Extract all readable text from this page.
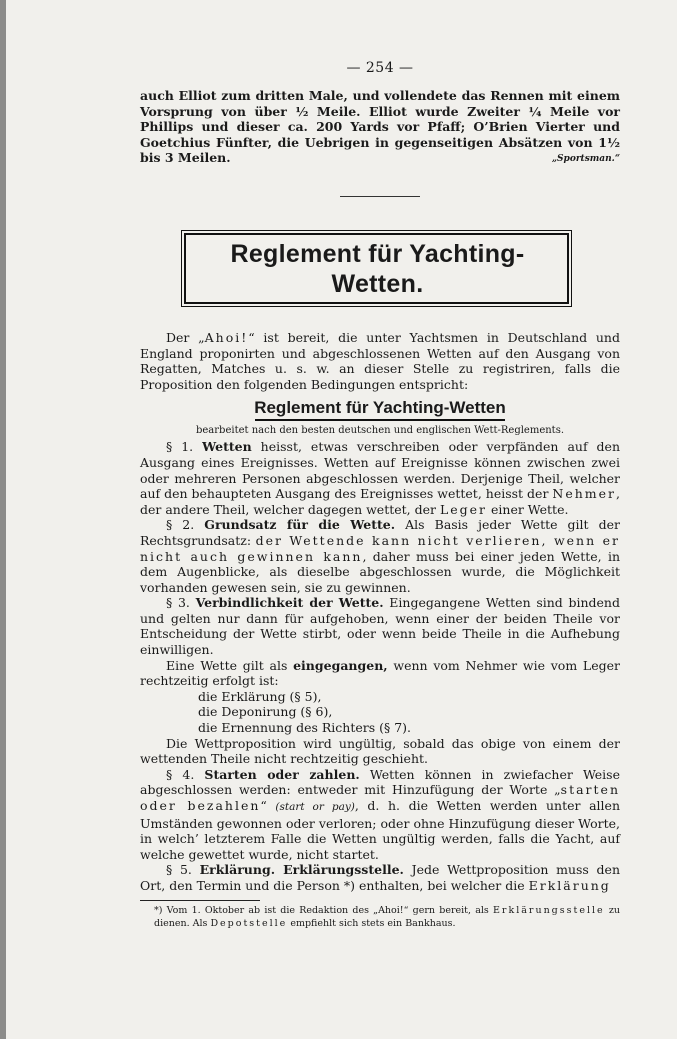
— 254 —

auch Elliot zum dritten Male, und vollendete das Rennen mit einem Vorsprung von über ½ Meile. Elliot wurde Zweiter ¼ Meile vor Phillips und dieser ca. 200 Yards vor Pfaff; O’Brien Vierter und Goetchius Fünfter, die Uebrigen in gegenseitigen Absätzen von 1½ bis 3 Meilen.	„Sportsman.“

Reglement für Yachting-Wetten.

Der „Ahoi!“ ist bereit, die unter Yachtsmen in Deutschland und England proponirten und abgeschlossenen Wetten auf den Ausgang von Regatten, Matches u. s. w. an dieser Stelle zu registriren, falls die Proposition den folgenden Bedingungen entspricht:

Reglement für Yachting-Wetten
bearbeitet nach den besten deutschen und englischen Wett-Reglements.

§ 1. Wetten heisst, etwas verschreiben oder verpfänden auf den Ausgang eines Ereignisses. Wetten auf Ereignisse können zwischen zwei oder mehreren Personen abgeschlossen werden. Derjenige Theil, welcher auf den behaupteten Ausgang des Ereignisses wettet, heisst der Nehmer, der andere Theil, welcher dagegen wettet, der Leger einer Wette.

§ 2. Grundsatz für die Wette. Als Basis jeder Wette gilt der Rechtsgrundsatz: der Wettende kann nicht verlieren, wenn er nicht auch gewinnen kann, daher muss bei einer jeden Wette, in dem Augenblicke, als dieselbe abgeschlossen wurde, die Möglichkeit vorhanden gewesen sein, sie zu gewinnen.

§ 3. Verbindlichkeit der Wette. Eingegangene Wetten sind bindend und gelten nur dann für aufgehoben, wenn einer der beiden Theile vor Entscheidung der Wette stirbt, oder wenn beide Theile in die Aufhebung einwilligen.

Eine Wette gilt als eingegangen, wenn vom Nehmer wie vom Leger rechtzeitig erfolgt ist:

die Erklärung (§ 5),
die Deponirung (§ 6),
die Ernennung des Richters (§ 7).

Die Wettproposition wird ungültig, sobald das obige von einem der wettenden Theile nicht rechtzeitig geschieht.

§ 4. Starten oder zahlen. Wetten können in zwiefacher Weise abgeschlossen werden: entweder mit Hinzufügung der Worte „starten oder bezahlen“ (start or pay), d. h. die Wetten werden unter allen Umständen gewonnen oder verloren; oder ohne Hinzufügung dieser Worte, in welch’ letzterem Falle die Wetten ungültig werden, falls die Yacht, auf welche gewettet wurde, nicht startet.

§ 5. Erklärung. Erklärungsstelle. Jede Wettproposition muss den Ort, den Termin und die Person *) enthalten, bei welcher die Erklärung

*) Vom 1. Oktober ab ist die Redaktion des „Ahoi!“ gern bereit, als Erklärungsstelle zu dienen. Als Depotstelle empfiehlt sich stets ein Bankhaus.
